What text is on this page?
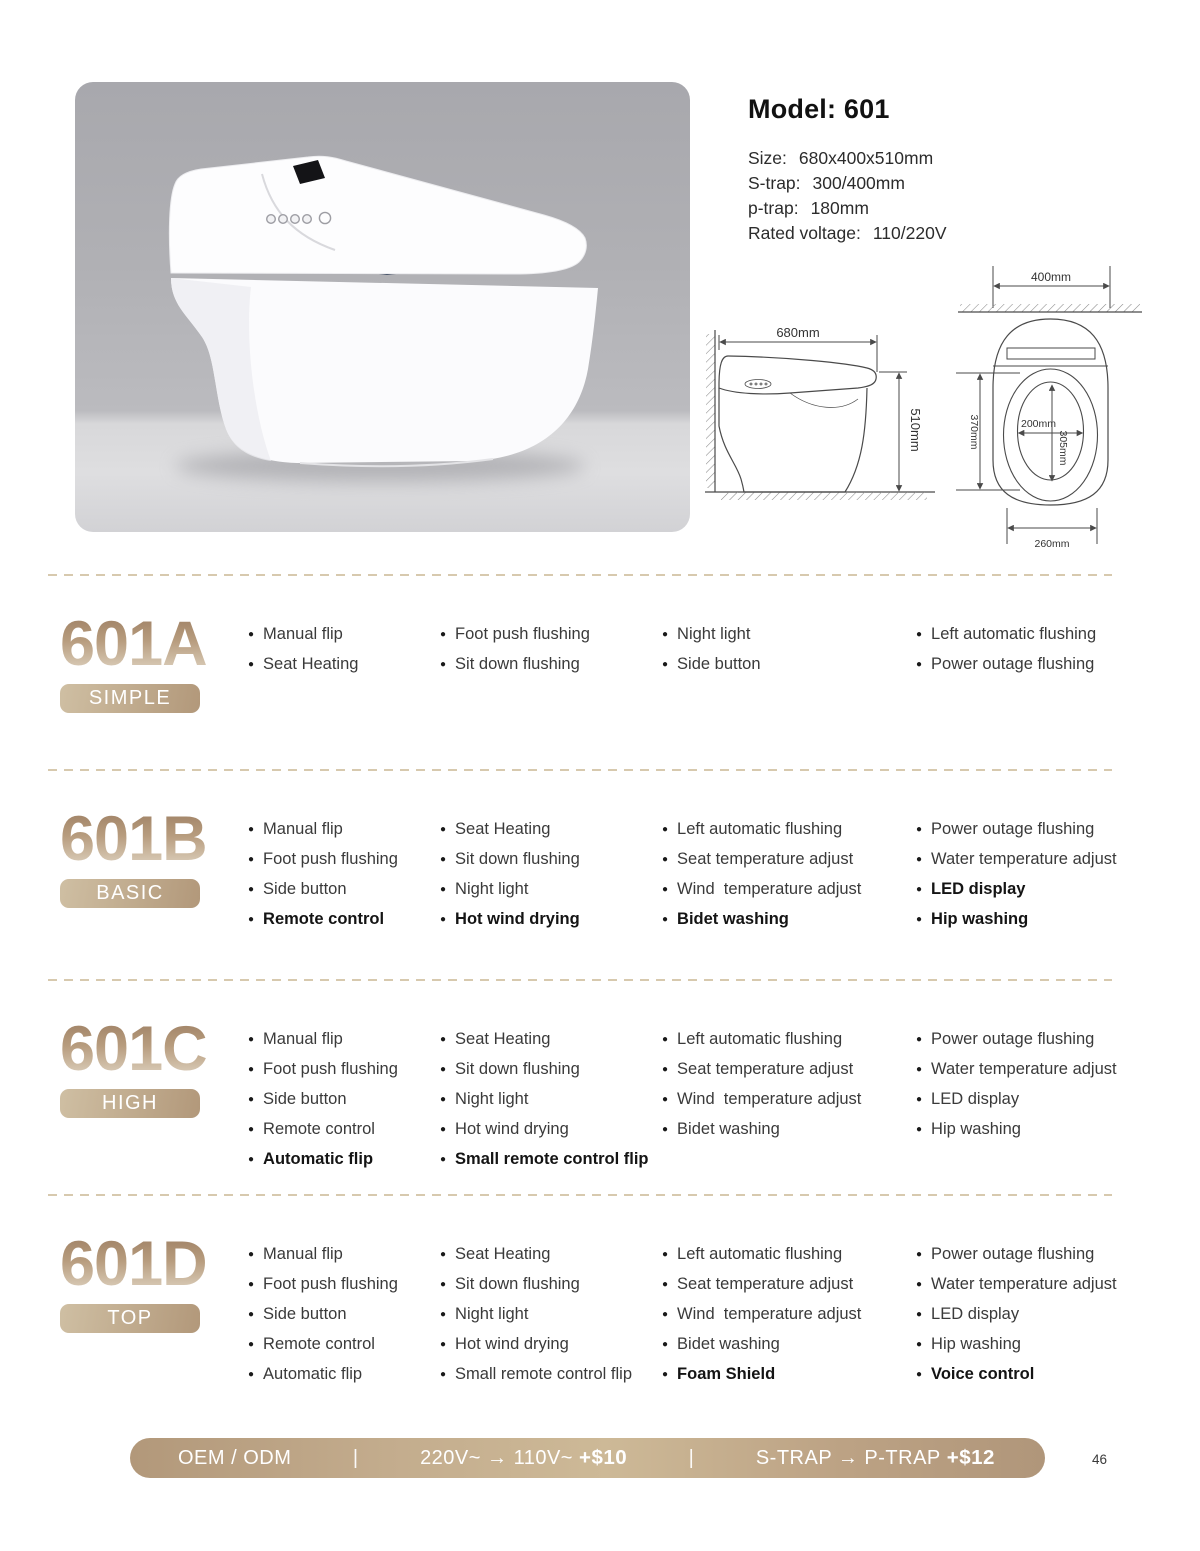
Model: 601
Size: 680x400x510mm
S-trap: 300/400mm
p-trap: 180mm
Rated voltage: 110/220V
680mm
510mm
400mm
370mm	200mm
305mm
260mm
601A
SIMPLE
● Manual flip
● Seat Heating
● Foot push flushing
● Sit down flushing
● Night light
● Side button
● Left automatic flushing
● Power outage flushing
601B
BASIC
● Manual flip
● Foot push flushing
● Side button
● Remote control
● Seat Heating
● Sit down flushing
● Night light
● Hot wind drying
● Left automatic flushing
● Seat temperature adjust
● Wind  temperature adjust
● Bidet washing
● Power outage flushing
● Water temperature adjust
● LED display
● Hip washing
601C
HIGH
● Manual flip
● Foot push flushing
● Side button
● Remote control
● Automatic flip
● Seat Heating
● Sit down flushing
● Night light
● Hot wind drying
● Small remote control flip
● Left automatic flushing
● Seat temperature adjust
● Wind  temperature adjust
● Bidet washing
● Power outage flushing
● Water temperature adjust
● LED display
● Hip washing
601D
TOP
● Manual flip
● Foot push flushing
● Side button
● Remote control
● Automatic flip
● Seat Heating
● Sit down flushing
● Night light
● Hot wind drying
● Small remote control flip
● Left automatic flushing
● Seat temperature adjust
● Wind  temperature adjust
● Bidet washing
● Foam Shield
● Power outage flushing
● Water temperature adjust
● LED display
● Hip washing
● Voice control
OEM / ODM	|	220V~ → 110V~ +$10	|	S-TRAP → P-TRAP +$12	46
